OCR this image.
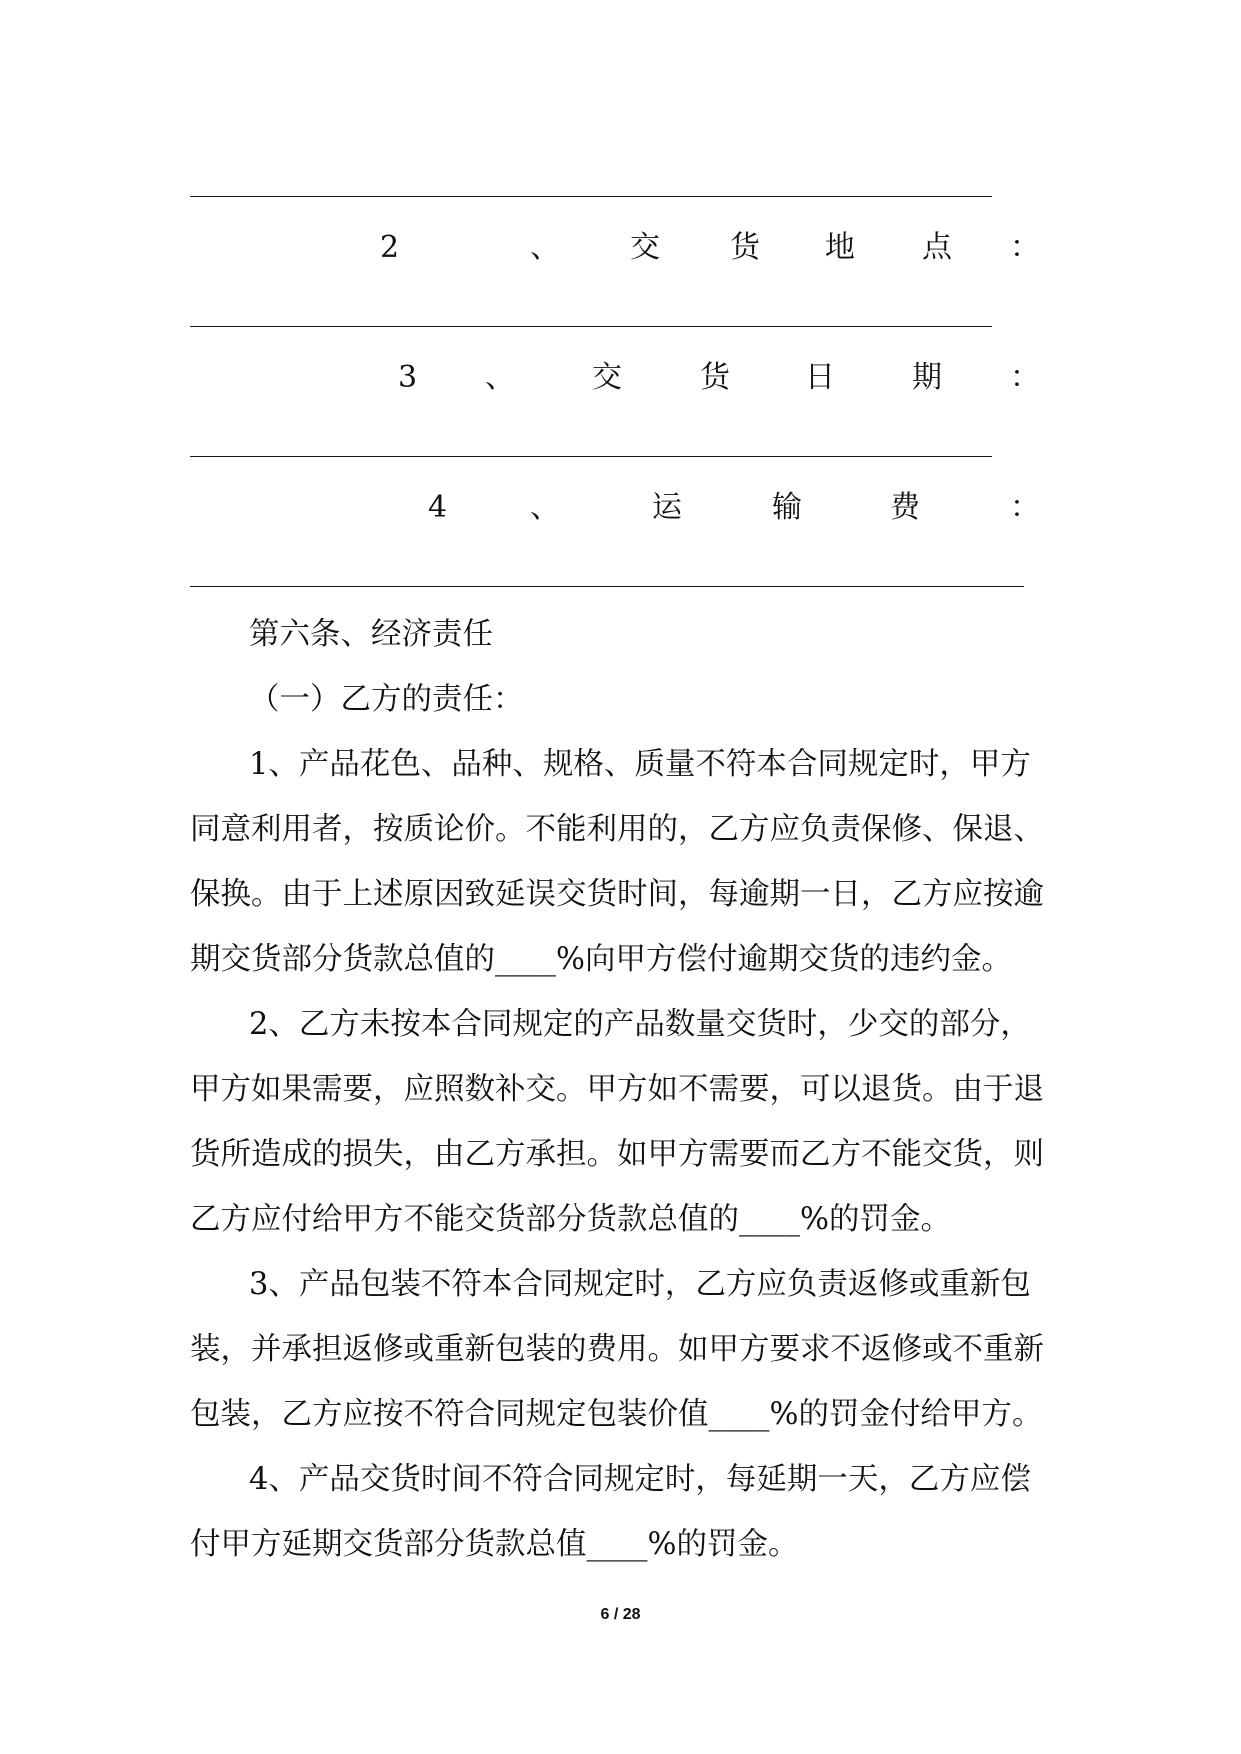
2	、 交 货 地 点 ：
3 、	交	货	日	期 ：
4	、	运	输	费	：

第六条、经济责任

（一）乙方的责任：

1、产品花色、品种、规格、质量不符本合同规定时，甲方

同意利用者，按质论价。不能利用的，乙方应负责保修、保退、

保换。由于上述原因致延误交货时间，每逾期一日，乙方应按逾

期交货部分货款总值的____%向甲方偿付逾期交货的违约金。

2、乙方未按本合同规定的产品数量交货时，少交的部分，

甲方如果需要，应照数补交。甲方如不需要，可以退货。由于退

货所造成的损失，由乙方承担。如甲方需要而乙方不能交货，则

乙方应付给甲方不能交货部分货款总值的____%的罚金。

3、产品包装不符本合同规定时，乙方应负责返修或重新包

装，并承担返修或重新包装的费用。如甲方要求不返修或不重新

包装，乙方应按不符合同规定包装价值____%的罚金付给甲方。

4、产品交货时间不符合同规定时，每延期一天，乙方应偿

付甲方延期交货部分货款总值____%的罚金。

6 / 28
